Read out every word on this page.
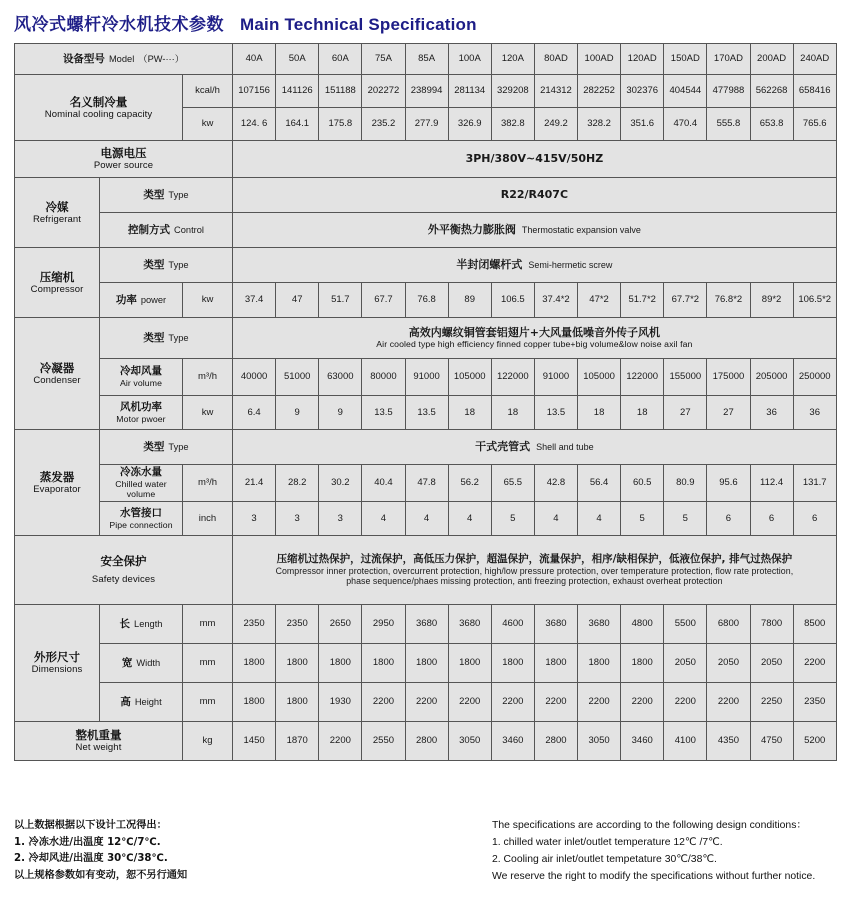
风冷式螺杆冷水机技术参数 Main Technical Specification
设备型号 Model （PW-···）			40A	50A	60A	75A	85A	100A	120A	80AD	100AD	120AD	150AD	170AD	200AD	240AD

名义制冷量
Nominal cooling capacity		kcal/h	107156	141126	151188	202272	238994	281134	329208	214312	282252	302376	404544	477988	562268	658416
		kw	124. 6	164.1	175.8	235.2	277.9	326.9	382.8	249.2	328.2	351.6	470.4	555.8	653.8	765.6

电源电压
Power source			3PH/380V~415V/50HZ													

冷媒
Refrigerant	类型 Type		R22/R407C													
	控制方式 Control		外平衡热力膨胀阀 Thermostatic expansion valve													

压缩机
Compressor	类型 Type		半封闭螺杆式 Semi-hermetic screw													
	功率 power	kw	37.4	47	51.7	67.7	76.8	89	106.5	37.4*2	47*2	51.7*2	67.7*2	76.8*2	89*2	106.5*2

冷凝器
Condenser	类型 Type		高效内螺纹铜管套铝翅片+大风量低噪音外传子风机
Air cooled type high efficiency finned copper tube+big volume&low noise axil fan													

	冷却风量
Air volume	m³/h	40000	51000	63000	80000	91000	105000	122000	91000	105000	122000	155000	175000	205000	250000

	风机功率
Motor pwoer	kw	6.4	9	9	13.5	13.5	18	18	13.5	18	18	27	27	36	36

蒸发器
Evaporator	类型 Type		干式壳管式 Shell and tube													

	冷冻水量
Chilled water volume	m³/h	21.4	28.2	30.2	40.4	47.8	56.2	65.5	42.8	56.4	60.5	80.9	95.6	112.4	131.7

	水管接口
Pipe connection	inch	3	3	3	4	4	4	5	4	4	5	5	6	6	6

安全保护
Safety devices			压缩机过热保护，过流保护，高低压力保护，超温保护，流量保护，相序/缺相保护，低液位保护, 排气过热保护
Compressor inner protection, overcurrent protection, high/low pressure protection, over temperature protection, flow rate protection,
phase sequence/phaes missing protection, anti freezing protection, exhaust overheat protection													

外形尺寸
Dimensions	长 Length	mm	2350	2350	2650	2950	3680	3680	4600	3680	3680	4800	5500	6800	7800	8500
	宽 Width	mm	1800	1800	1800	1800	1800	1800	1800	1800	1800	1800	2050	2050	2050	2200
	高 Height	mm	1800	1800	1930	2200	2200	2200	2200	2200	2200	2200	2200	2200	2250	2350

整机重量
Net weight		kg	1450	1870	2200	2550	2800	3050	3460	2800	3050	3460	4100	4350	4750	5200
以上数据根据以下设计工况得出：
1. 冷冻水进/出温度 12℃/7℃.
2. 冷却风进/出温度 30℃/38℃.
以上规格参数如有变动，恕不另行通知
The specifications are according to the following design conditions：
1. chilled water inlet/outlet temperature 12℃ /7℃.
2. Cooling air inlet/outlet tempetature 30℃/38℃.
We reserve the right to modify the specifications without further notice.
